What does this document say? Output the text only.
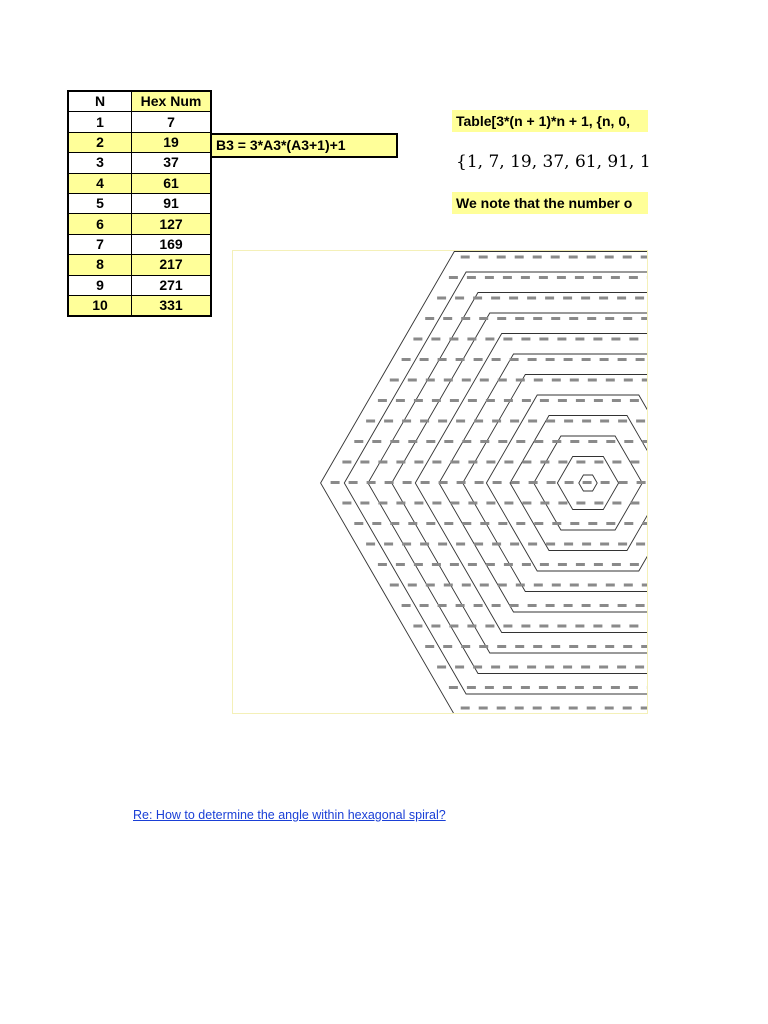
N	Hex Num
1	7
2	19
3	37
4	61
5	91
6	127
7	169
8	217
9	271
10	331
B3 = 3*A3*(A3+1)+1
Table[3*(n + 1)*n + 1, {n, 0,
{1, 7, 19, 37, 61, 91, 1
We note that the number o
Re: How to determine the angle within hexagonal spiral?
